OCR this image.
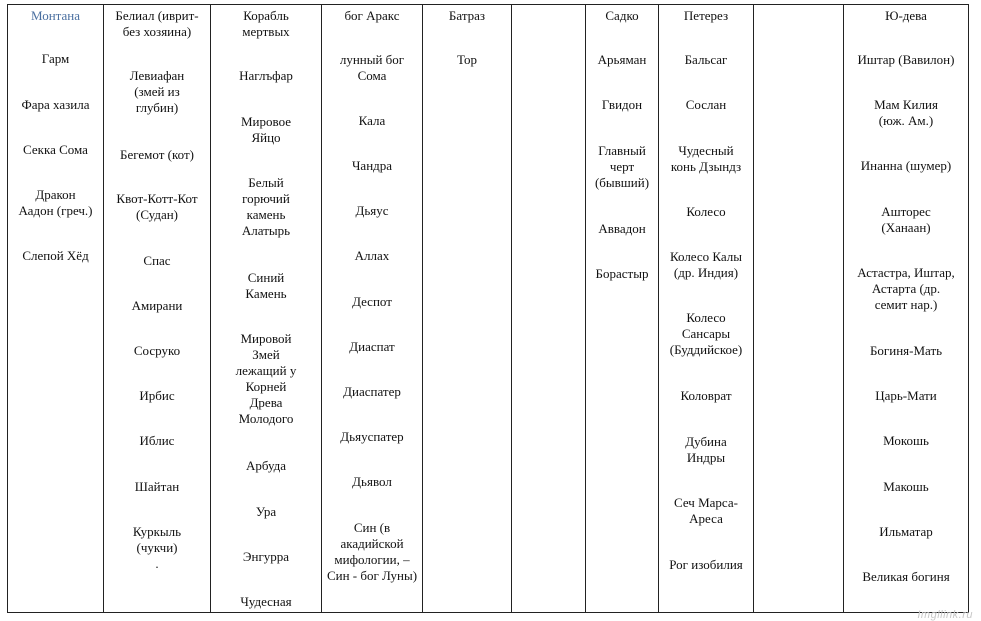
Монтана
Гарм
Фара хазила
Секка Сома
Дракон
Аадон (греч.)
Слепой Хёд
Белиал (иврит-
без хозяина)
Левиафан
(змей из
глубин)
Бегемот (кот)
Квот-Котт-Кот
(Судан)
Спас
Амирани
Сосруко
Ирбис
Иблис
Шайтан
Куркыль
(чукчи)
.
Корабль
мертвых
Наглъфар
Мировое
Яйцо
Белый
горючий
камень
Алатырь
Синий
Камень
Мировой
Змей
лежащий у
Корней
Древа
Молодого
Арбуда
Ура
Энгурра
Чудесная
бог Аракс
лунный бог
Сома
Кала
Чандра
Дьяус
Аллах
Деспот
Диаспат
Диаспатер
Дьяуспатер
Дьявол
Син (в
акадийской
мифологии, –
Син - бог Луны)
Батраз
Тор
Садко
Арьяман
Гвидон
Главный
черт
(бывший)
Аввадон
Борастыр
Петерез
Бальсаг
Сослан
Чудесный
конь Дзындз
Колесо
Колесо Калы
(др. Индия)
Колесо
Сансары
(Буддийское)
Коловрат
Дубина
Индры
Сеч Марса-
Ареса
Рог изобилия
Ю-дева
Иштар (Вавилон)
Мам Килия
(юж. Ам.)
Инанна (шумер)
Аштореc
(Ханаан)
Астастра, Иштар,
Астарта (др.
семит нар.)
Богиня-Мать
Царь-Мати
Мокошь
Макошь
Ильматар
Великая богиня
Imgllink.ru
